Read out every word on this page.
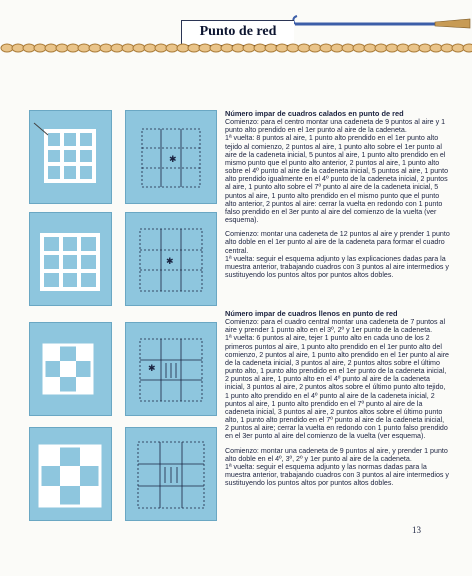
Punto de red
✱
✱
✱

Número impar de cuadros calados en punto de red

Comienzo: para el centro montar una cadeneta de 9 puntos al aire y 1 punto alto prendido en el 1er punto al aire de la cadeneta.

1ª vuelta: 8 puntos al aire, 1 punto alto prendido en el 1er punto alto tejido al comienzo, 2 puntos al aire, 1 punto alto sobre el 1er punto al aire de la cadeneta inicial, 5 puntos al aire, 1 punto alto prendido en el mismo punto que el punto alto anterior, 2 puntos al aire, 1 punto alto sobre el 4º punto al aire de la cadeneta inicial, 5 puntos al aire, 1 punto alto prendido igualmente en el 4º punto de la cadeneta inicial, 2 puntos al aire, 1 punto alto sobre el 7º punto al aire de la cadeneta inicial, 5 puntos al aire, 1 punto alto prendido en el mismo punto que el punto alto anterior, 2 puntos al aire: cerrar la vuelta en redondo con 1 punto falso prendido en el 3er punto al aire del comienzo de la vuelta (ver esquema).

Comienzo: montar una cadeneta de 12 puntos al aire y prender 1 punto alto doble en el 1er punto al aire de la cadeneta para formar el cuadro central.

1ª vuelta: seguir el esquema adjunto y las explicaciones dadas para la muestra anterior, trabajando cuadros con 3 puntos al aire intermedios y sustituyendo los puntos altos por puntos altos dobles.

Número impar de cuadros llenos en punto de red

Comienzo: para el cuadro central montar una cadeneta de 7 puntos al aire y prender 1 punto alto en el 3º, 2º y 1er punto de la cadeneta.

1ª vuelta: 6 puntos al aire, tejer 1 punto alto en cada uno de los 2 primeros puntos al aire, 1 punto alto prendido en el 1er punto alto del comienzo, 2 puntos al aire, 1 punto alto prendido en el 1er punto al aire de la cadeneta inicial, 3 puntos al aire, 2 puntos altos sobre el último punto alto, 1 punto alto prendido en el 1er punto de la cadeneta inicial, 2 puntos al aire, 1 punto alto en el 4º punto al aire de la cadeneta inicial, 3 puntos al aire, 2 puntos altos sobre el último punto alto tejido, 1 punto alto prendido en el 4º punto al aire de la cadeneta inicial, 2 puntos al aire, 1 punto alto prendido en el 7º punto al aire de la cadeneta inicial, 3 puntos al aire, 2 puntos altos sobre el último punto alto, 1 punto alto prendido en el 7º punto al aire de la cadeneta inicial, 2 puntos al aire; cerrar la vuelta en redondo con 1 punto falso prendido en el 3er punto al aire del comienzo de la vuelta (ver esquema).

Comienzo: montar una cadeneta de 9 puntos al aire, y prender 1 punto alto doble en el 4º, 3º, 2º y 1er punto al aire de la cadeneta.

1ª vuelta: seguir el esquema adjunto y las normas dadas para la muestra anterior, trabajando cuadros con 3 puntos al aire intermedios y sustituyendo los puntos altos por puntos altos dobles.

13
